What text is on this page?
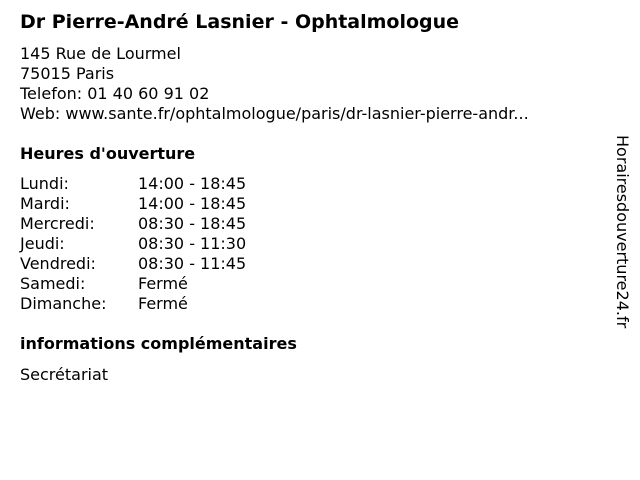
Dr Pierre-André Lasnier - Ophtalmologue
145 Rue de Lourmel
75015 Paris
Telefon: 01 40 60 91 02
Web: www.sante.fr/ophtalmologue/paris/dr-lasnier-pierre-andr...
Heures d'ouverture
Lundi:	14:00 - 18:45
Mardi:	14:00 - 18:45
Mercredi:	08:30 - 18:45
Jeudi:	08:30 - 11:30
Vendredi:	08:30 - 11:45
Samedi:	Fermé
Dimanche:	Fermé
informations complémentaires
Secrétariat
Horairesdouverture24.fr
